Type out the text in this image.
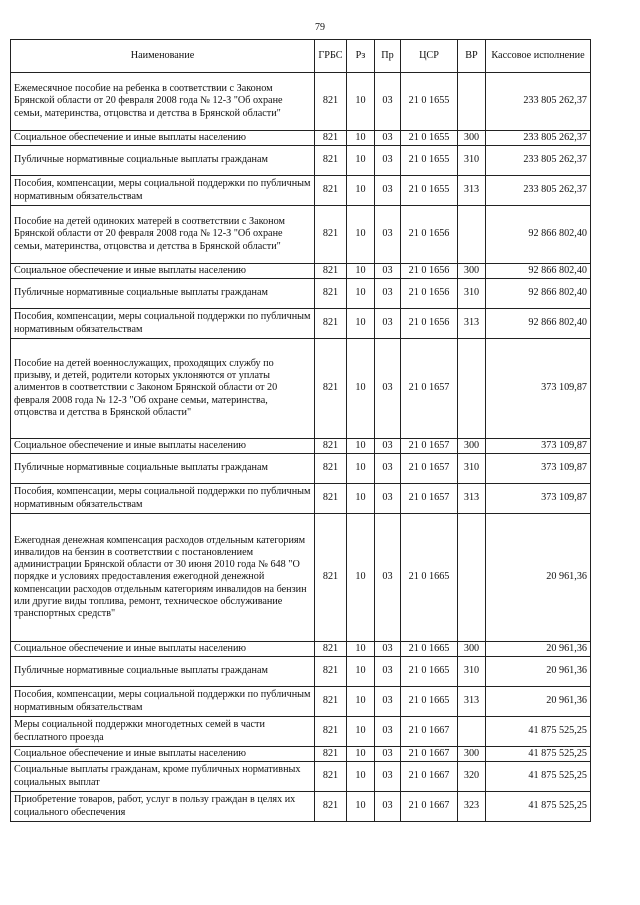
79
Наименование	ГРБС	Рз	Пр	ЦСР	ВР	Кассовое исполнение
Ежемесячное пособие на ребенка в соответствии с Законом Брянской области от 20 февраля 2008 года № 12-З "Об охране семьи, материнства, отцовства и детства в Брянской области"	821	10	03	21 0 1655		233 805 262,37
Социальное обеспечение и иные выплаты населению	821	10	03	21 0 1655	300	233 805 262,37
Публичные нормативные социальные выплаты гражданам	821	10	03	21 0 1655	310	233 805 262,37
Пособия, компенсации, меры социальной поддержки по публичным нормативным обязательствам	821	10	03	21 0 1655	313	233 805 262,37
Пособие на детей одиноких матерей в соответствии с Законом Брянской области от 20 февраля 2008 года № 12-З "Об охране семьи, материнства, отцовства и детства в Брянской области"	821	10	03	21 0 1656		92 866 802,40
Социальное обеспечение и иные выплаты населению	821	10	03	21 0 1656	300	92 866 802,40
Публичные нормативные социальные выплаты гражданам	821	10	03	21 0 1656	310	92 866 802,40
Пособия, компенсации, меры социальной поддержки по публичным нормативным обязательствам	821	10	03	21 0 1656	313	92 866 802,40
Пособие на детей военнослужащих, проходящих службу по призыву, и детей, родители которых уклоняются от уплаты алиментов в соответствии с Законом Брянской области от 20 февраля 2008 года № 12-З "Об охране семьи, материнства, отцовства и детства в Брянской области"	821	10	03	21 0 1657		373 109,87
Социальное обеспечение и иные выплаты населению	821	10	03	21 0 1657	300	373 109,87
Публичные нормативные социальные выплаты гражданам	821	10	03	21 0 1657	310	373 109,87
Пособия, компенсации, меры социальной поддержки по публичным нормативным обязательствам	821	10	03	21 0 1657	313	373 109,87
Ежегодная денежная компенсация расходов отдельным категориям инвалидов на бензин в соответствии с постановлением администрации Брянской области от 30 июня 2010 года № 648 "О порядке и условиях предоставления ежегодной денежной компенсации расходов отдельным категориям инвалидов на бензин или другие виды топлива, ремонт, техническое обслуживание транспортных средств"	821	10	03	21 0 1665		20 961,36
Социальное обеспечение и иные выплаты населению	821	10	03	21 0 1665	300	20 961,36
Публичные нормативные социальные выплаты гражданам	821	10	03	21 0 1665	310	20 961,36
Пособия, компенсации, меры социальной поддержки по публичным нормативным обязательствам	821	10	03	21 0 1665	313	20 961,36
Меры социальной поддержки многодетных семей в части бесплатного проезда	821	10	03	21 0 1667		41 875 525,25
Социальное обеспечение и иные выплаты населению	821	10	03	21 0 1667	300	41 875 525,25
Социальные выплаты гражданам, кроме публичных нормативных социальных выплат	821	10	03	21 0 1667	320	41 875 525,25
Приобретение товаров, работ, услуг в пользу граждан в целях их социального обеспечения	821	10	03	21 0 1667	323	41 875 525,25
